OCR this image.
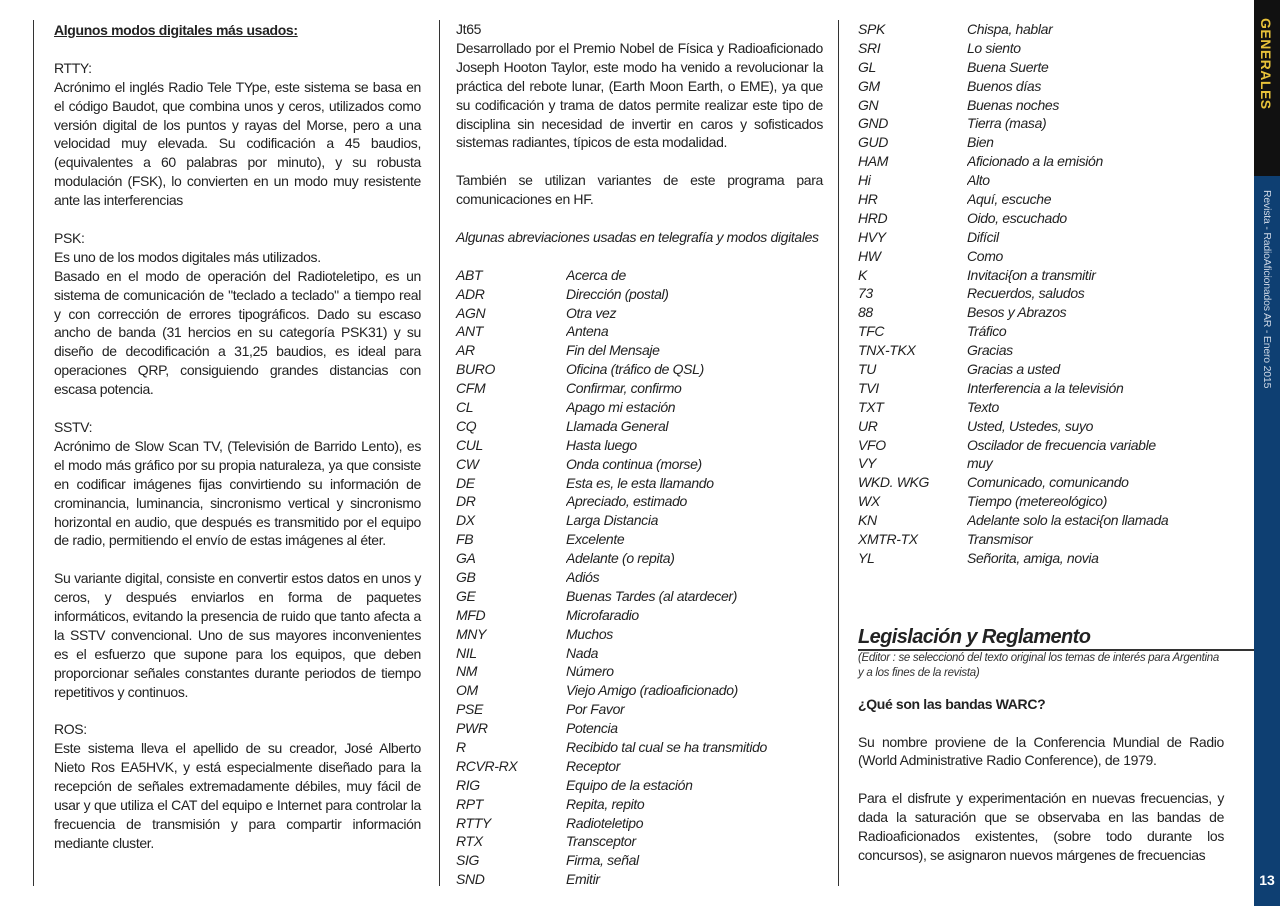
Algunos modos digitales más usados:

RTTY:

Acrónimo el inglés Radio Tele TYpe, este sistema se basa en el código Baudot, que combina unos y ceros, utilizados como versión digital de los puntos y rayas del Morse, pero a una velocidad muy elevada. Su codificación a 45 baudios, (equivalentes a 60 palabras por minuto), y su robusta modulación (FSK), lo convierten en un modo muy resistente ante las interferencias

PSK:

Es uno de los modos digitales más utilizados.

Basado en el modo de operación del Radioteletipo, es un sistema de comunicación de "teclado a teclado" a tiempo real y con corrección de errores tipográficos. Dado su escaso ancho de banda (31 hercios en su categoría PSK31) y su diseño de decodificación a 31,25 baudios, es ideal para operaciones QRP, consiguiendo grandes distancias con escasa potencia.

SSTV:

Acrónimo de Slow Scan TV, (Televisión de Barrido Lento), es el modo más gráfico por su propia naturaleza, ya que consiste en codificar imágenes fijas convirtiendo su información de crominancia, luminancia, sincronismo vertical y sincronismo horizontal en audio, que después es transmitido por el equipo de radio, permitiendo el envío de estas imágenes al éter.

Su variante digital, consiste en convertir estos datos en unos y ceros, y después enviarlos en forma de paquetes informáticos, evitando la presencia de ruido que tanto afecta a la SSTV convencional. Uno de sus mayores inconvenientes es el esfuerzo que supone para los equipos, que deben proporcionar señales constantes durante periodos de tiempo repetitivos y continuos.

ROS:

Este sistema lleva el apellido de su creador, José Alberto Nieto Ros EA5HVK, y está especialmente diseñado para la recepción de señales extremadamente débiles, muy fácil de usar y que utiliza el CAT del equipo e Internet para controlar la frecuencia de transmisión y para compartir información mediante cluster.

Jt65

Desarrollado por el Premio Nobel de Física y Radioaficionado Joseph Hooton Taylor, este modo ha venido a revolucionar la práctica del rebote lunar, (Earth Moon Earth, o EME), ya que su codificación y trama de datos permite realizar este tipo de disciplina sin necesidad de invertir en caros y sofisticados sistemas radiantes, típicos de esta modalidad.

También se utilizan variantes de este programa para comunicaciones en HF.

Algunas abreviaciones usadas en telegrafía y modos digitales

ABT	Acerca de
ADR	Dirección (postal)
AGN	Otra vez
ANT	Antena
AR	Fin del Mensaje
BURO	Oficina (tráfico de QSL)
CFM	Confirmar, confirmo
CL	Apago mi estación
CQ	Llamada General
CUL	Hasta luego
CW	Onda continua (morse)
DE	Esta es, le esta llamando
DR	Apreciado, estimado
DX	Larga Distancia
FB	Excelente
GA	Adelante (o repita)
GB	Adiós
GE	Buenas Tardes (al atardecer)
MFD	Microfaradio
MNY	Muchos
NIL	Nada
NM	Número
OM	Viejo Amigo (radioaficionado)
PSE	Por Favor
PWR	Potencia
R	Recibido tal cual se ha transmitido
RCVR-RX	Receptor
RIG	Equipo de la estación
RPT	Repita, repito
RTTY	Radioteletipo
RTX	Transceptor
SIG	Firma, señal
SND	Emitir
SPK	Chispa, hablar
SRI	Lo siento
GL	Buena Suerte
GM	Buenos días
GN	Buenas noches
GND	Tierra (masa)
GUD	Bien
HAM	Aficionado a la emisión
Hi	Alto
HR	Aquí, escuche
HRD	Oido, escuchado
HVY	Difícil
HW	Como
K	Invitaci{on a transmitir
73	Recuerdos, saludos
88	Besos y Abrazos
TFC	Tráfico
TNX-TKX	Gracias
TU	Gracias a usted
TVI	Interferencia a la televisión
TXT	Texto
UR	Usted, Ustedes, suyo
VFO	Oscilador de frecuencia variable
VY	muy
WKD. WKG	Comunicado, comunicando
WX	Tiempo (metereológico)
KN	Adelante solo la estaci{on llamada
XMTR-TX	Transmisor
YL	Señorita, amiga, novia
Legislación y Reglamento

(Editor : se seleccionó del texto original los temas de interés para Argentina y a los fines de la revista)

¿Qué son las bandas WARC?

Su nombre proviene de la Conferencia Mundial de Radio (World Administrative Radio Conference), de 1979.

Para el disfrute y experimentación en nuevas frecuencias, y dada la saturación que se observaba en las bandas de Radioaficionados existentes, (sobre todo durante los concursos), se asignaron nuevos márgenes de frecuencias

GENERALES
Revista - RadioAficionados AR - Enero 2015
13
